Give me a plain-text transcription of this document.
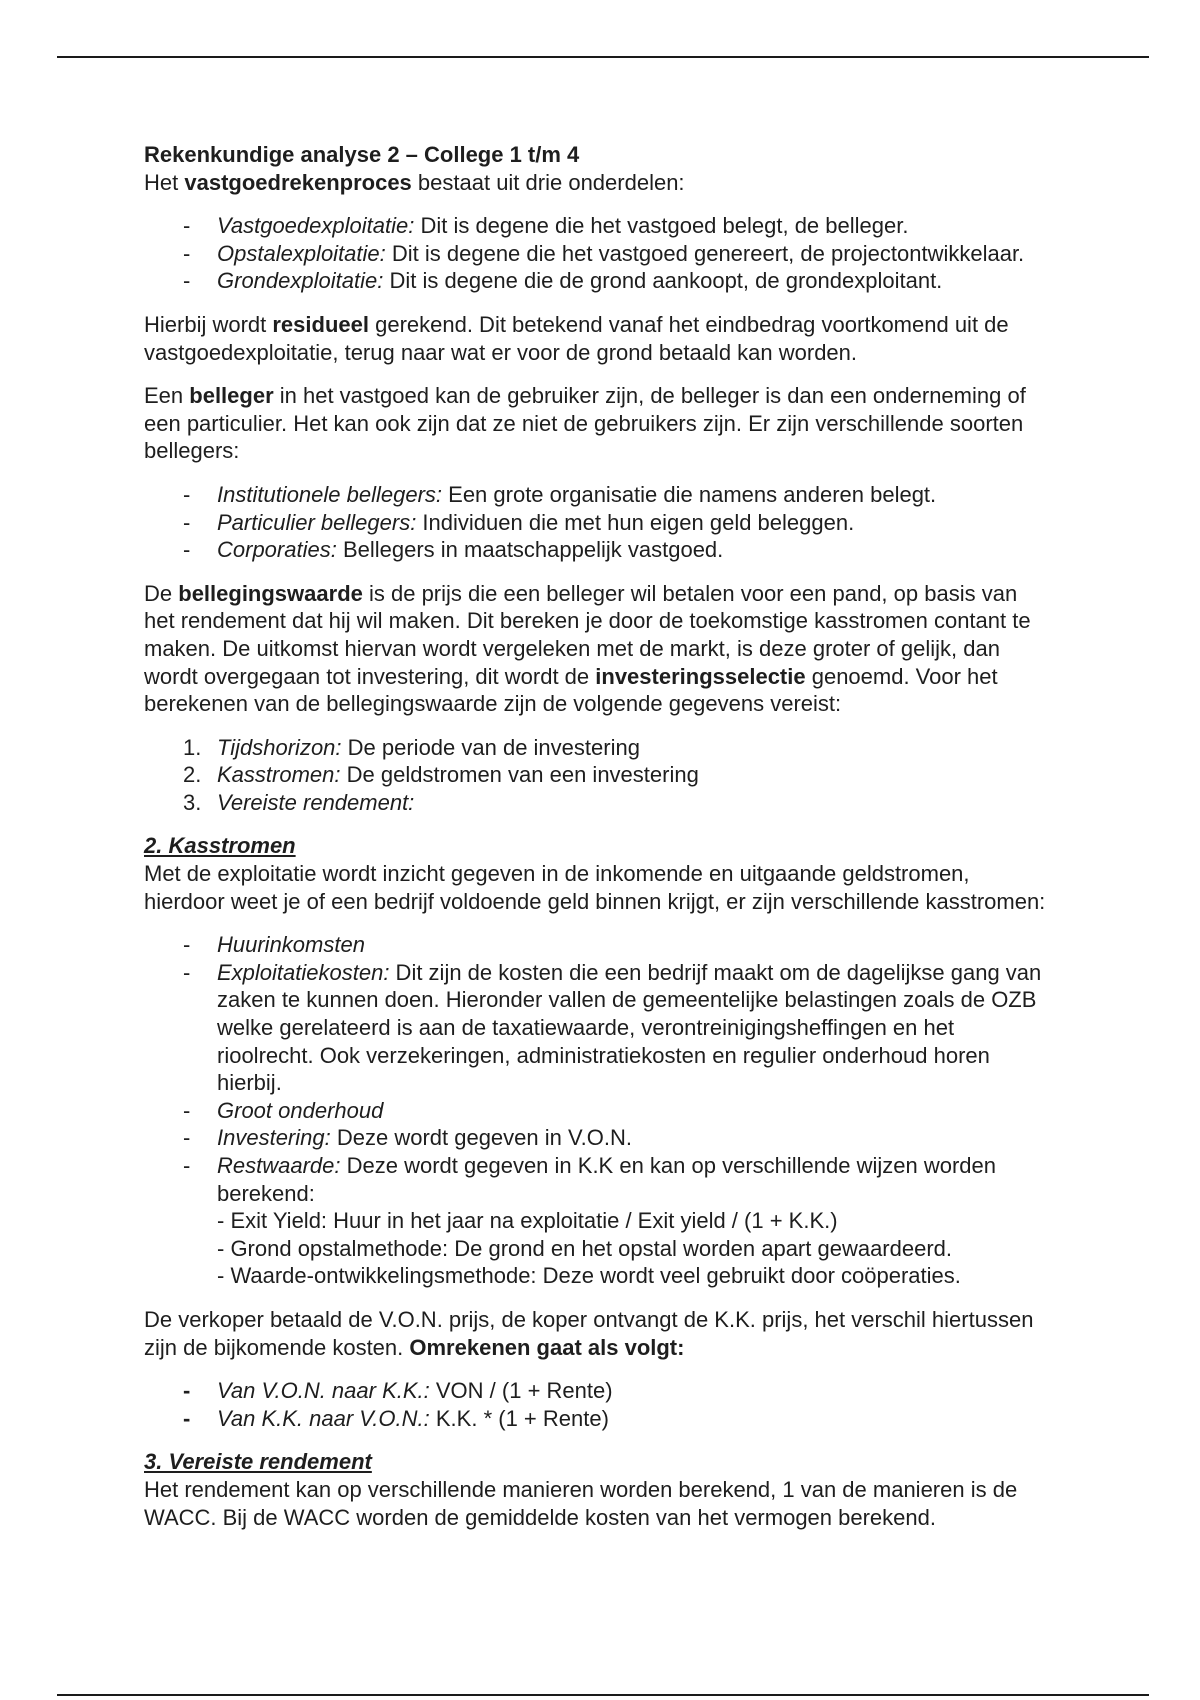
Rekenkundige analyse 2 – College 1 t/m 4
Het vastgoedrekenproces bestaat uit drie onderdelen:
- Vastgoedexploitatie: Dit is degene die het vastgoed belegt, de belleger.
- Opstalexploitatie: Dit is degene die het vastgoed genereert, de projectontwikkelaar.
- Grondexploitatie: Dit is degene die de grond aankoopt, de grondexploitant.
Hierbij wordt residueel gerekend. Dit betekend vanaf het eindbedrag voortkomend uit de
vastgoedexploitatie, terug naar wat er voor de grond betaald kan worden.
Een belleger in het vastgoed kan de gebruiker zijn, de belleger is dan een onderneming of
een particulier. Het kan ook zijn dat ze niet de gebruikers zijn. Er zijn verschillende soorten
bellegers:
- Institutionele bellegers: Een grote organisatie die namens anderen belegt.
- Particulier bellegers: Individuen die met hun eigen geld beleggen.
- Corporaties: Bellegers in maatschappelijk vastgoed.
De bellegingswaarde is de prijs die een belleger wil betalen voor een pand, op basis van
het rendement dat hij wil maken. Dit bereken je door de toekomstige kasstromen contant te
maken. De uitkomst hiervan wordt vergeleken met de markt, is deze groter of gelijk, dan
wordt overgegaan tot investering, dit wordt de investeringsselectie genoemd. Voor het
berekenen van de bellegingswaarde zijn de volgende gegevens vereist:
1. Tijdshorizon: De periode van de investering
2. Kasstromen: De geldstromen van een investering
3. Vereiste rendement:
2. Kasstromen
Met de exploitatie wordt inzicht gegeven in de inkomende en uitgaande geldstromen,
hierdoor weet je of een bedrijf voldoende geld binnen krijgt, er zijn verschillende kasstromen:
- Huurinkomsten
- Exploitatiekosten: Dit zijn de kosten die een bedrijf maakt om de dagelijkse gang van
zaken te kunnen doen. Hieronder vallen de gemeentelijke belastingen zoals de OZB
welke gerelateerd is aan de taxatiewaarde, verontreinigingsheffingen en het
rioolrecht. Ook verzekeringen, administratiekosten en regulier onderhoud horen
hierbij.
- Groot onderhoud
- Investering: Deze wordt gegeven in V.O.N.
- Restwaarde: Deze wordt gegeven in K.K en kan op verschillende wijzen worden
berekend:
- Exit Yield: Huur in het jaar na exploitatie / Exit yield / (1 + K.K.)
- Grond opstalmethode: De grond en het opstal worden apart gewaardeerd.
- Waarde-ontwikkelingsmethode: Deze wordt veel gebruikt door coöperaties.
De verkoper betaald de V.O.N. prijs, de koper ontvangt de K.K. prijs, het verschil hiertussen
zijn de bijkomende kosten. Omrekenen gaat als volgt:
- Van V.O.N. naar K.K.: VON / (1 + Rente)
- Van K.K. naar V.O.N.: K.K. * (1 + Rente)
3. Vereiste rendement
Het rendement kan op verschillende manieren worden berekend, 1 van de manieren is de
WACC. Bij de WACC worden de gemiddelde kosten van het vermogen berekend.
